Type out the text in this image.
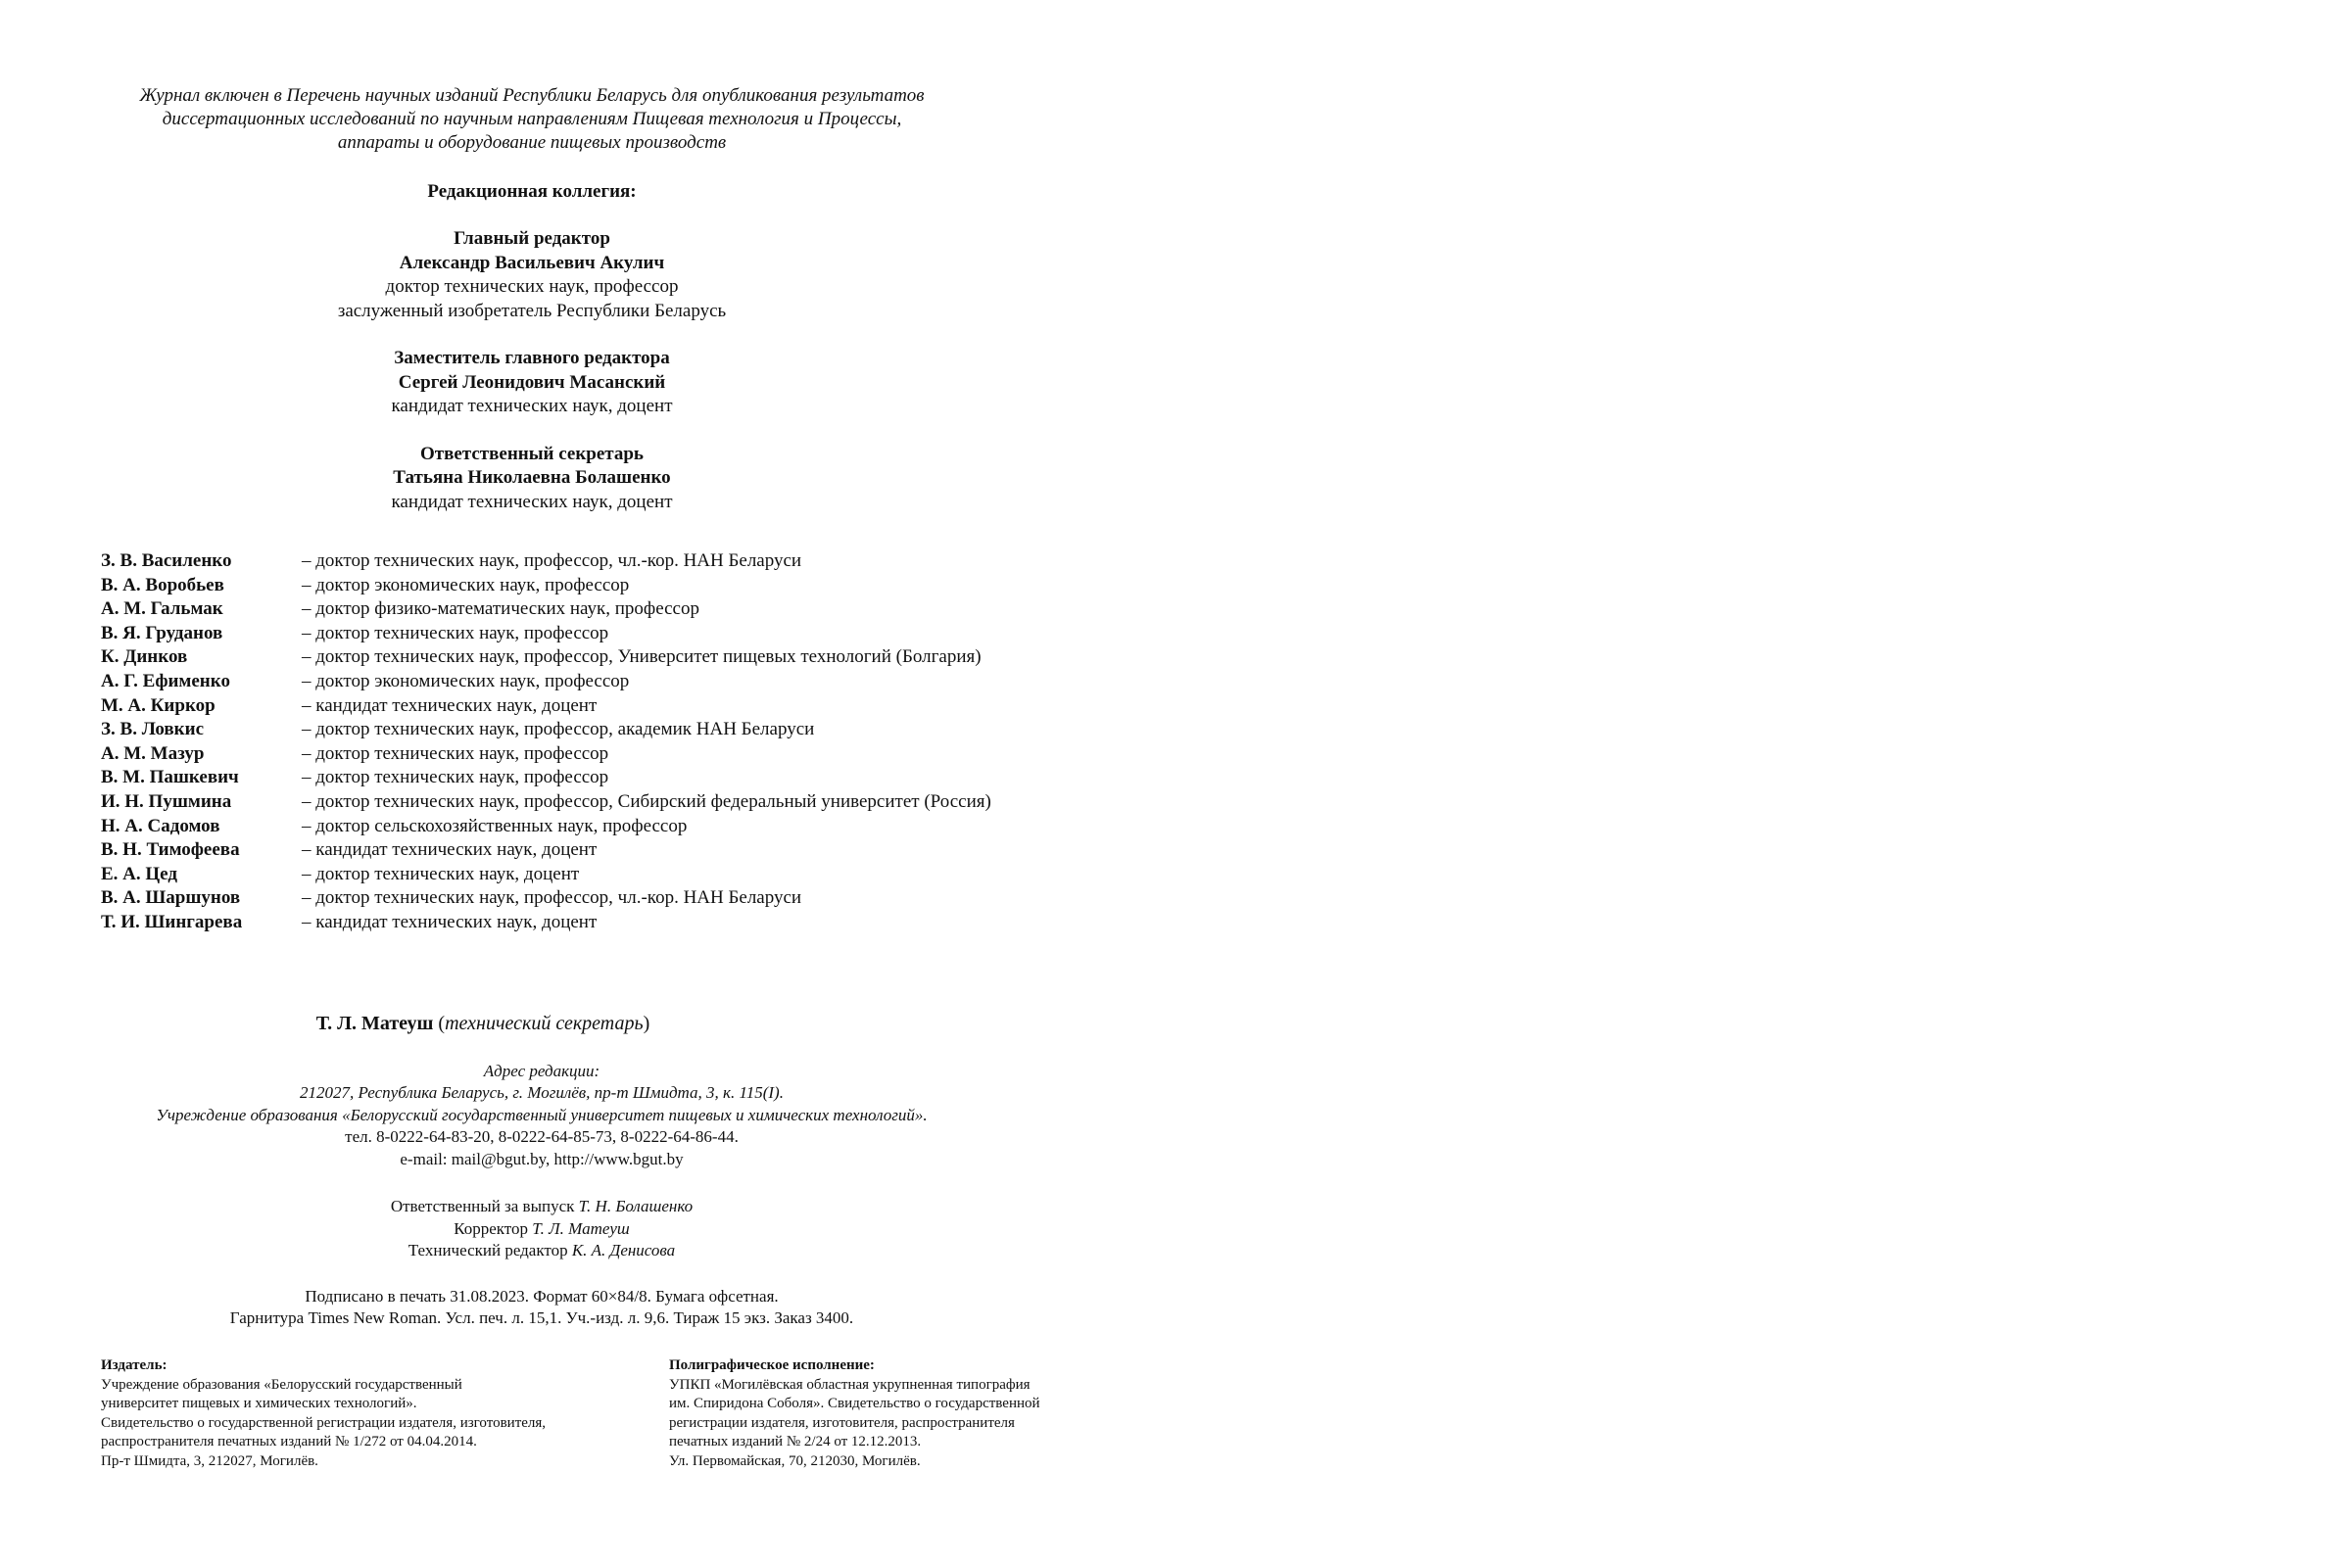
Журнал включен в Перечень научных изданий Республики Беларусь для опубликования результатов
диссертационных исследований по научным направлениям Пищевая технология и Процессы,
аппараты и оборудование пищевых производств
Редакционная коллегия:
Главный редактор
Александр Васильевич Акулич
доктор технических наук, профессор
заслуженный изобретатель Республики Беларусь
Заместитель главного редактора
Сергей Леонидович Масанский
кандидат технических наук, доцент
Ответственный секретарь
Татьяна Николаевна Болашенко
кандидат технических наук, доцент
З. В. Василенко	– доктор технических наук, профессор, чл.-кор. НАН Беларуси
В. А. Воробьев	– доктор экономических наук, профессор
А. М. Гальмак	– доктор физико-математических наук, профессор
В. Я. Груданов	– доктор технических наук, профессор
К. Динков	– доктор технических наук, профессор, Университет пищевых технологий (Болгария)
А. Г. Ефименко	– доктор экономических наук, профессор
М. А. Киркор	– кандидат технических наук, доцент
З. В. Ловкис	– доктор технических наук, профессор, академик НАН Беларуси
А. М. Мазур	– доктор технических наук, профессор
В. М. Пашкевич	– доктор технических наук, профессор
И. Н. Пушмина	– доктор технических наук, профессор, Сибирский федеральный университет (Россия)
Н. А. Садомов	– доктор сельскохозяйственных наук, профессор
В. Н. Тимофеева	– кандидат технических наук, доцент
Е. А. Цед	– доктор технических наук, доцент
В. А. Шаршунов	– доктор технических наук, профессор, чл.-кор. НАН Беларуси
Т. И. Шингарева	– кандидат технических наук, доцент
Т. Л. Матеуш (технический секретарь)
Адрес редакции:
212027, Республика Беларусь, г. Могилёв, пр-т Шмидта, 3, к. 115(I).
Учреждение образования «Белорусский государственный университет пищевых и химических технологий».
тел. 8-0222-64-83-20, 8-0222-64-85-73, 8-0222-64-86-44.
e-mail: mail@bgut.by, http://www.bgut.by
Ответственный за выпуск Т. Н. Болашенко
Корректор Т. Л. Матеуш
Технический редактор К. А. Денисова
Подписано в печать 31.08.2023. Формат 60×84/8. Бумага офсетная.
Гарнитура Times New Roman. Усл. печ. л. 15,1. Уч.-изд. л. 9,6. Тираж 15 экз. Заказ 3400.
Издатель:
Учреждение образования «Белорусский государственный
университет пищевых и химических технологий».
Свидетельство о государственной регистрации издателя, изготовителя,
распространителя печатных изданий № 1/272 от 04.04.2014.
Пр-т Шмидта, 3, 212027, Могилёв.
Полиграфическое исполнение:
УПКП «Могилёвская областная укрупненная типография
им. Спиридона Соболя». Свидетельство о государственной
регистрации издателя, изготовителя, распространителя
печатных изданий № 2/24 от 12.12.2013.
Ул. Первомайская, 70, 212030, Могилёв.
